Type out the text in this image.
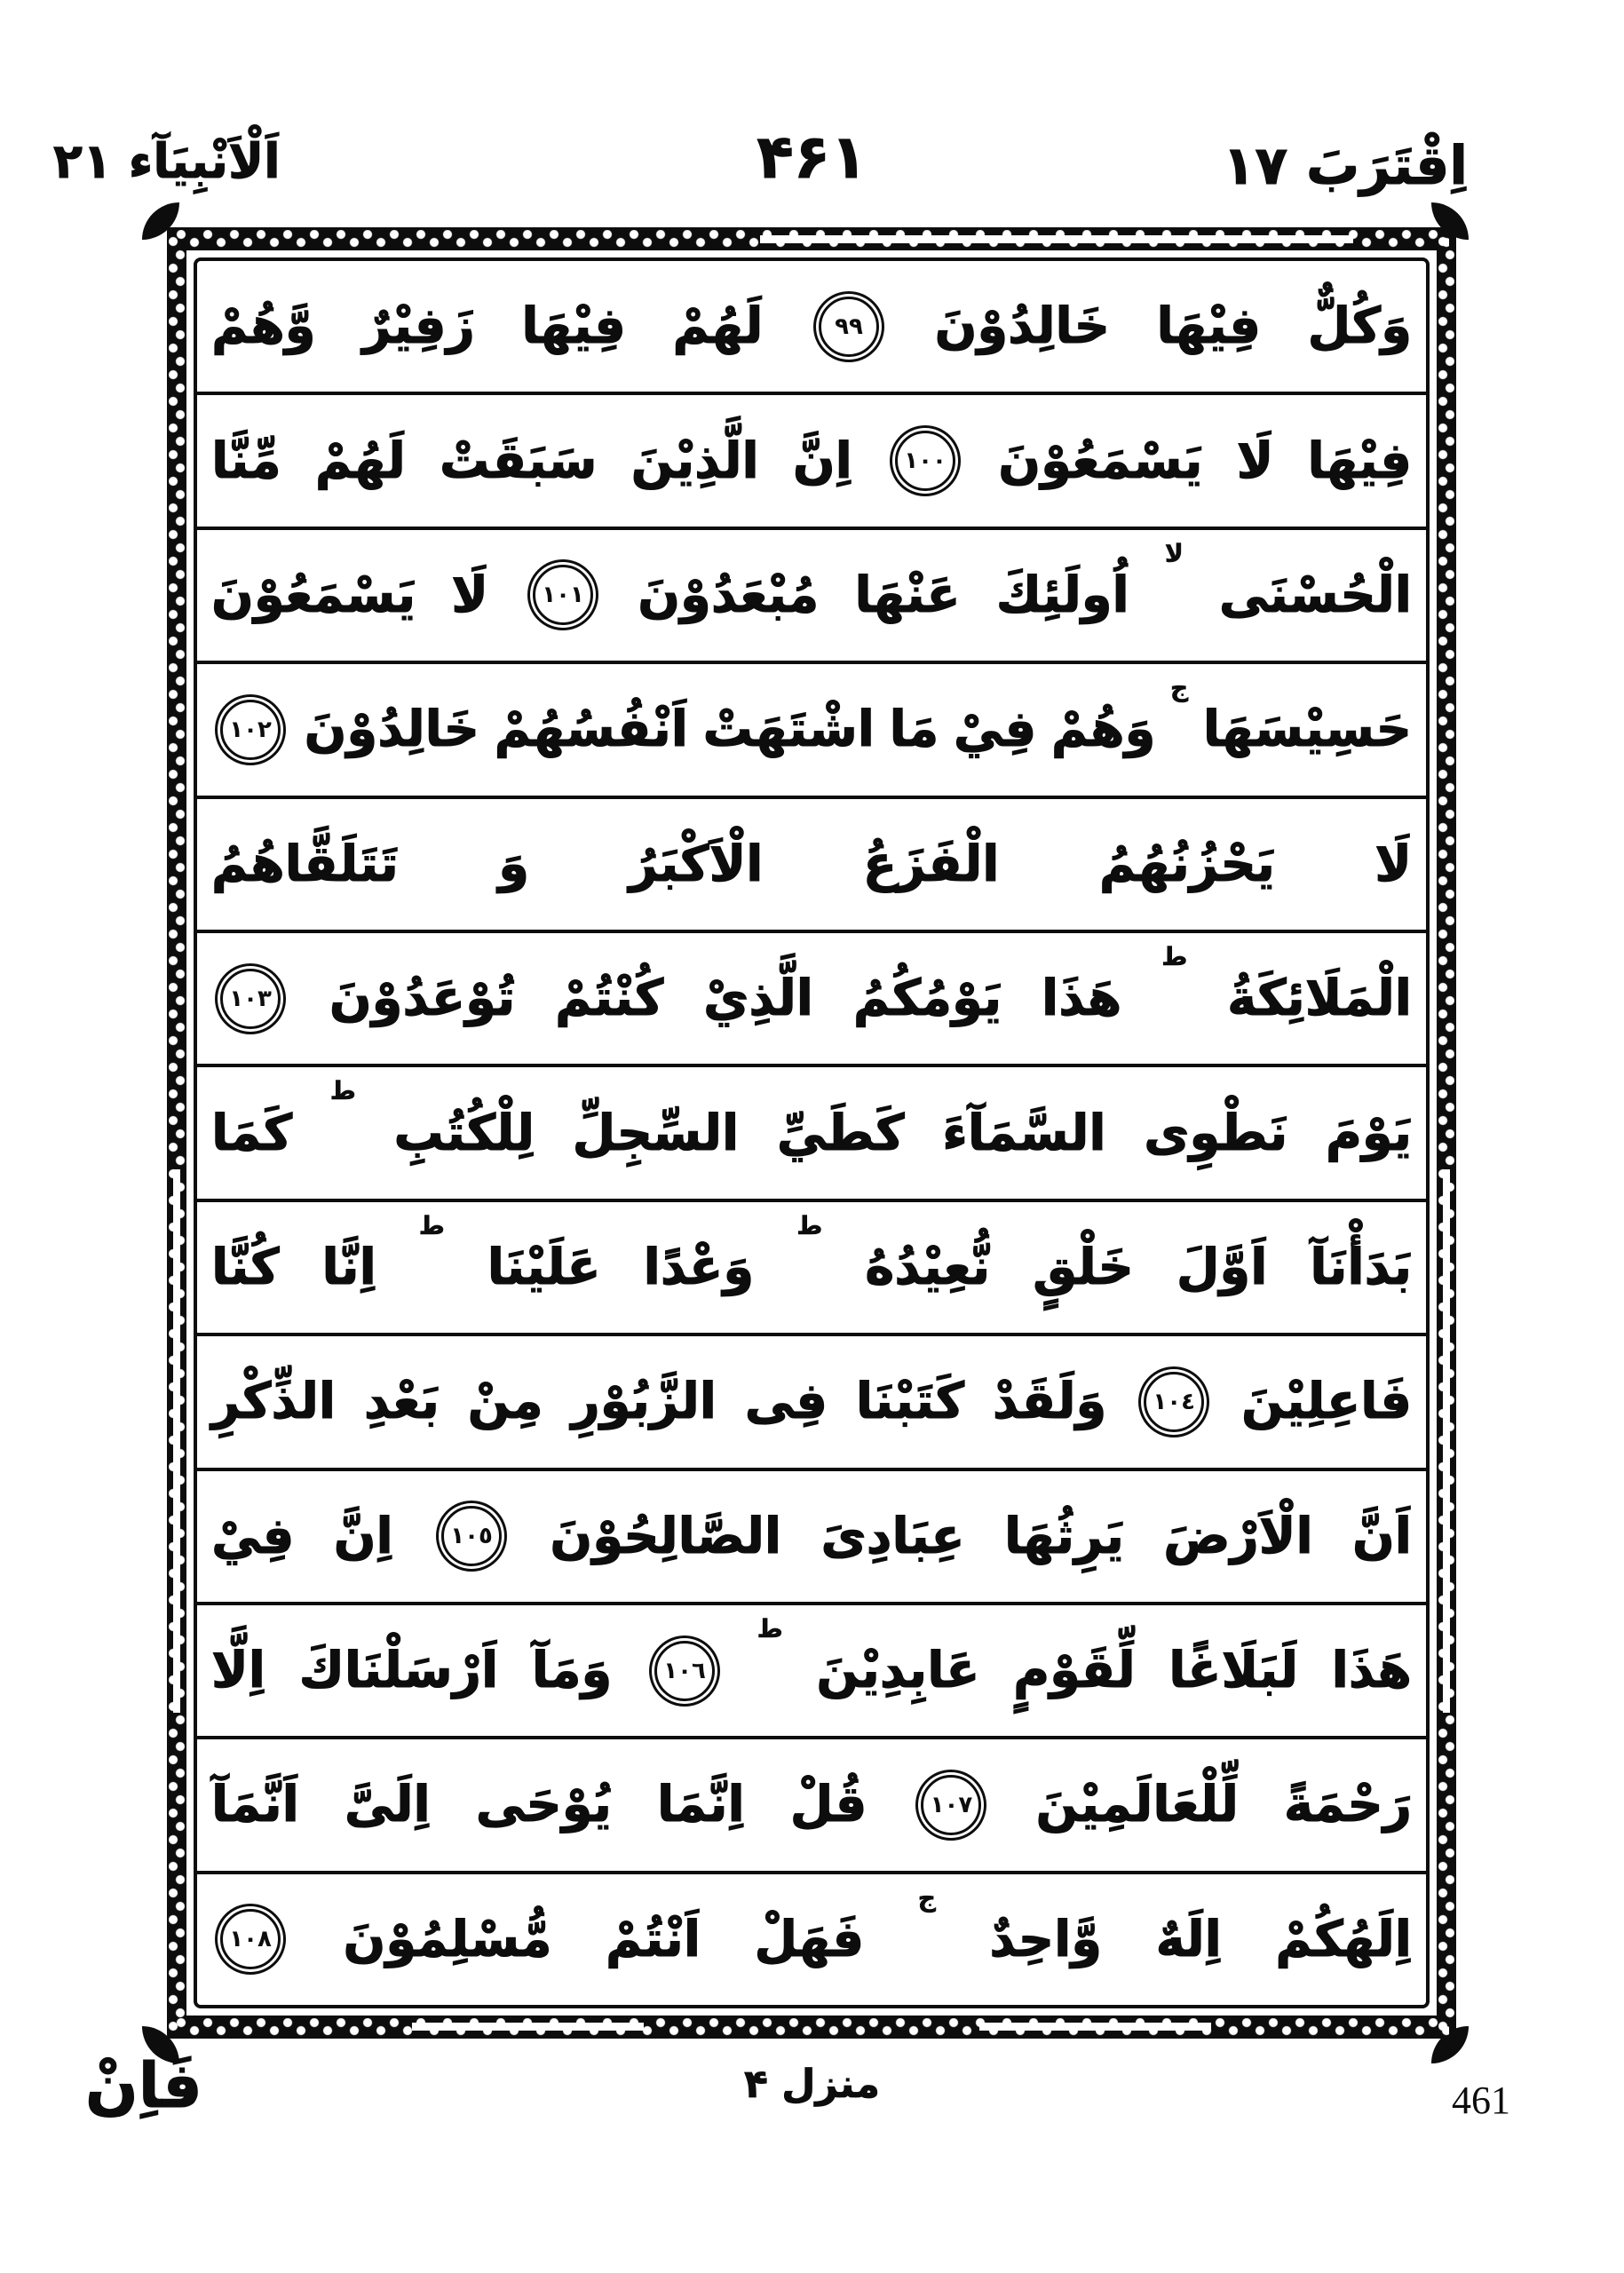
اِقْتَرَبَ ١٧
۴۶۱
اَلْاَنْبِيَآء ٢١
وَكُلٌّ
فِيْهَا
خَالِدُوْنَ
٩٩
لَهُمْ
فِيْهَا
زَفِيْرٌ
وَّهُمْ
فِيْهَا
لَا
يَسْمَعُوْنَ
١٠٠
اِنَّ
الَّذِيْنَ
سَبَقَتْ
لَهُمْ
مِّنَّا
الْحُسْنَى
لا
اُولَئِكَ
عَنْهَا
مُبْعَدُوْنَ
١٠١
لَا
يَسْمَعُوْنَ
حَسِيْسَهَا
ج
وَهُمْ
فِيْ
مَا
اشْتَهَتْ
اَنْفُسُهُمْ
خَالِدُوْنَ
١٠٢
لَا
يَحْزُنُهُمُ
الْفَزَعُ
الْاَكْبَرُ
وَ
تَتَلَقَّاهُمُ
الْمَلَائِكَةُ
ط
هَذَا
يَوْمُكُمُ
الَّذِيْ
كُنْتُمْ
تُوْعَدُوْنَ
١٠٣
يَوْمَ
نَطْوِى
السَّمَآءَ
كَطَيِّ
السِّجِلِّ
لِلْكُتُبِ
ط
كَمَا
بَدَأْنَآ
اَوَّلَ
خَلْقٍ
نُّعِيْدُهُ
ط
وَعْدًا
عَلَيْنَا
ط
اِنَّا
كُنَّا
فَاعِلِيْنَ
١٠٤
وَلَقَدْ
كَتَبْنَا
فِى
الزَّبُوْرِ
مِنْ
بَعْدِ
الذِّكْرِ
اَنَّ
الْاَرْضَ
يَرِثُهَا
عِبَادِىَ
الصَّالِحُوْنَ
١٠٥
اِنَّ
فِيْ
هَذَا
لَبَلَاغًا
لِّقَوْمٍ
عَابِدِيْنَ
ط
١٠٦
وَمَآ
اَرْسَلْنَاكَ
اِلَّا
رَحْمَةً
لِّلْعَالَمِيْنَ
١٠٧
قُلْ
اِنَّمَا
يُوْحَى
اِلَىَّ
اَنَّمَآ
اِلَهُكُمْ
اِلَهٌ
وَّاحِدٌ
ج
فَهَلْ
اَنْتُمْ
مُّسْلِمُوْنَ
١٠٨
منزل ۴
فَاِنْ	461
